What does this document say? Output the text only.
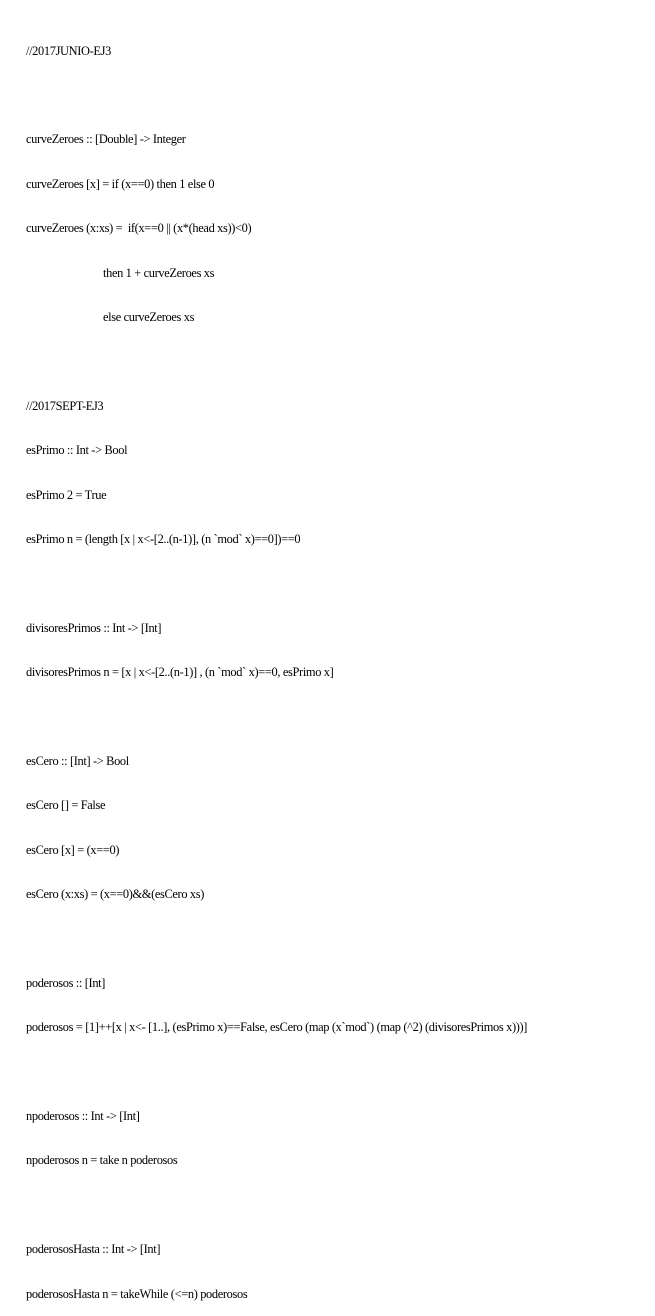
//2017JUNIO-EJ3

curveZeroes :: [Double] -> Integer

curveZeroes [x] = if (x==0) then 1 else 0

curveZeroes (x:xs) =  if(x==0 || (x*(head xs))<0)

then 1 + curveZeroes xs

else curveZeroes xs

//2017SEPT-EJ3

esPrimo :: Int -> Bool

esPrimo 2 = True

esPrimo n = (length [x | x<-[2..(n-1)], (n `mod` x)==0])==0

divisoresPrimos :: Int -> [Int]

divisoresPrimos n = [x | x<-[2..(n-1)] , (n `mod` x)==0, esPrimo x]

esCero :: [Int] -> Bool

esCero [] = False

esCero [x] = (x==0)

esCero (x:xs) = (x==0)&&(esCero xs)

poderosos :: [Int]

poderosos = [1]++[x | x<- [1..], (esPrimo x)==False, esCero (map (x`mod`) (map (^2) (divisoresPrimos x)))]

npoderosos :: Int -> [Int]

npoderosos n = take n poderosos

poderososHasta :: Int -> [Int]

poderososHasta n = takeWhile (<=n) poderosos
